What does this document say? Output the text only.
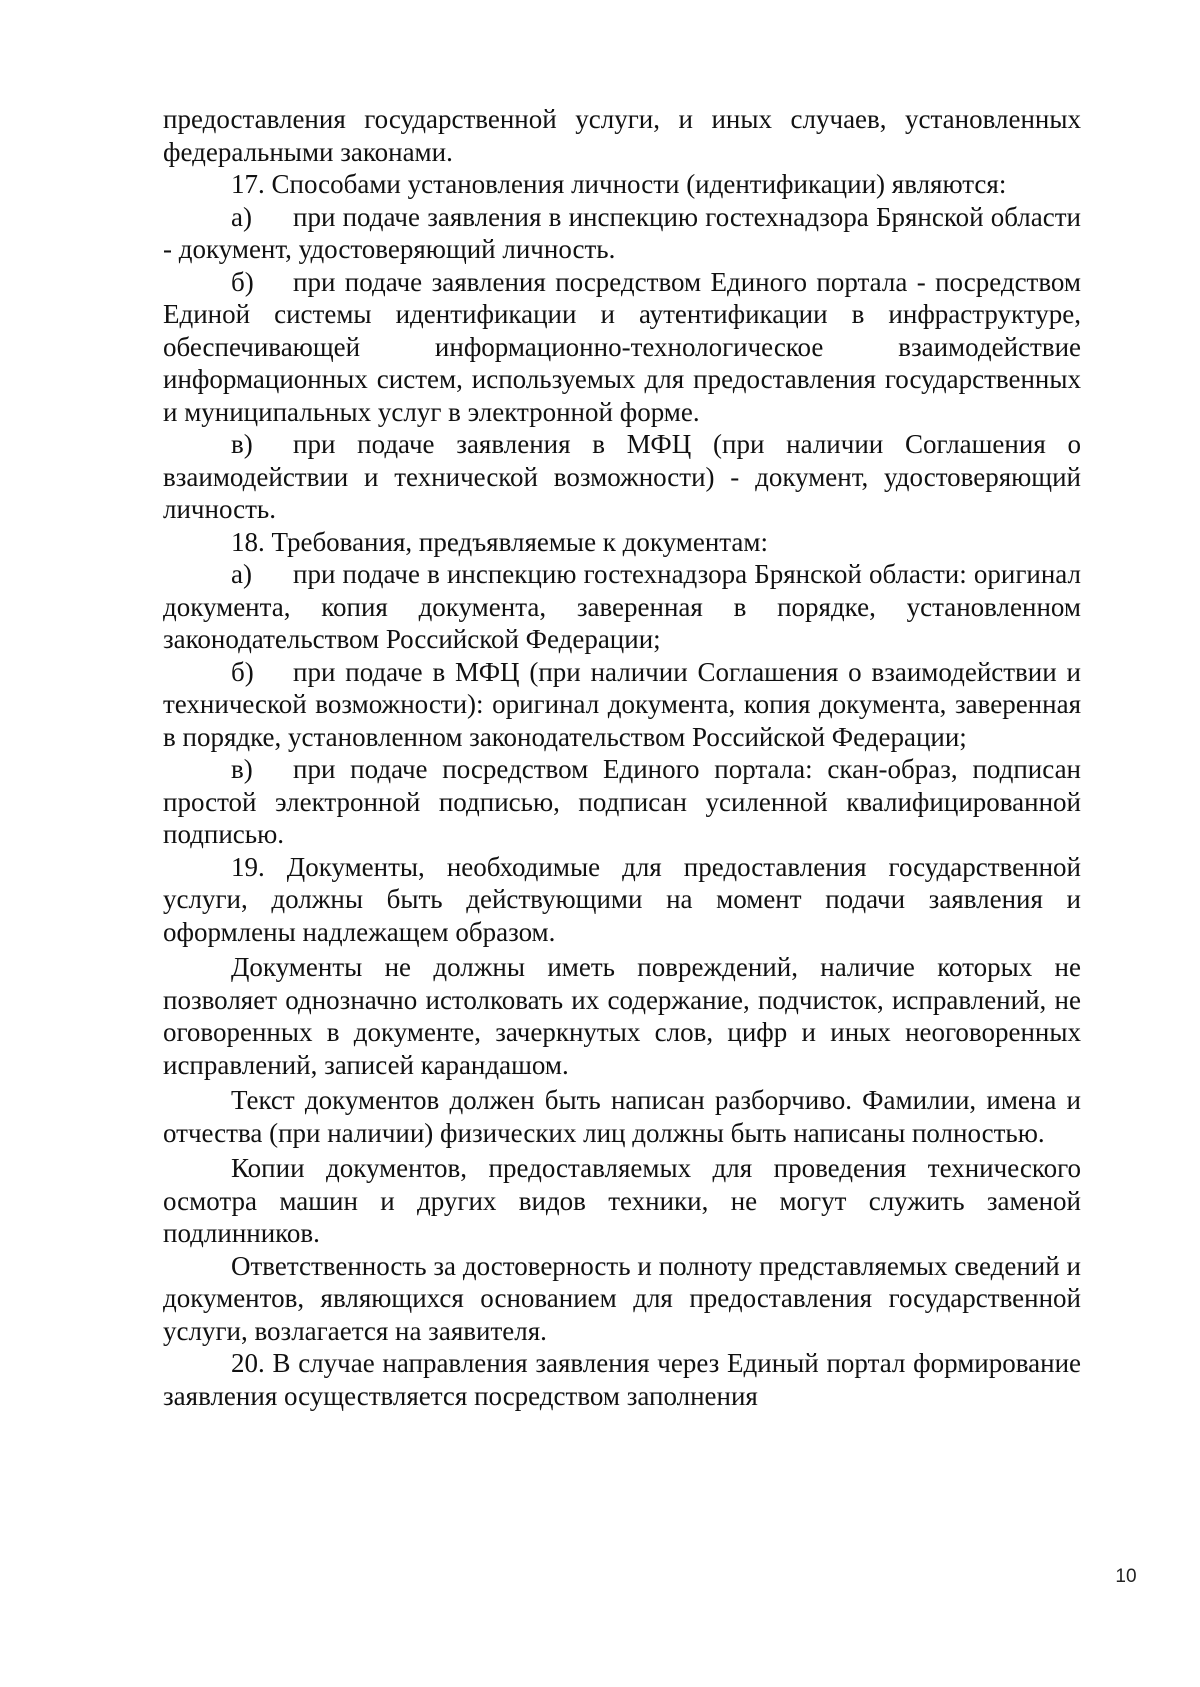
предоставления государственной услуги, и иных случаев, установленных федеральными законами.

17. Способами установления личности (идентификации) являются:

а) при подаче заявления в инспекцию гостехнадзора Брянской области - документ, удостоверяющий личность.

б) при подаче заявления посредством Единого портала - посредством Единой системы идентификации и аутентификации в инфраструктуре, обеспечивающей информационно-технологическое взаимодействие информационных систем, используемых для предоставления государственных и муниципальных услуг в электронной форме.

в) при подаче заявления в МФЦ (при наличии Соглашения о взаимодействии и технической возможности) - документ, удостоверяющий личность.

18. Требования, предъявляемые к документам:

а) при подаче в инспекцию гостехнадзора Брянской области: оригинал документа, копия документа, заверенная в порядке, установленном законодательством Российской Федерации;

б) при подаче в МФЦ (при наличии Соглашения о взаимодействии и технической возможности): оригинал документа, копия документа, заверенная в порядке, установленном законодательством Российской Федерации;

в) при подаче посредством Единого портала: скан-образ, подписан простой электронной подписью, подписан усиленной квалифицированной подписью.

19. Документы, необходимые для предоставления государственной услуги, должны быть действующими на момент подачи заявления и оформлены надлежащем образом.

Документы не должны иметь повреждений, наличие которых не позволяет однозначно истолковать их содержание, подчисток, исправлений, не оговоренных в документе, зачеркнутых слов, цифр и иных неоговоренных исправлений, записей карандашом.

Текст документов должен быть написан разборчиво. Фамилии, имена и отчества (при наличии) физических лиц должны быть написаны полностью.

Копии документов, предоставляемых для проведения технического осмотра машин и других видов техники, не могут служить заменой подлинников.

Ответственность за достоверность и полноту представляемых сведений и документов, являющихся основанием для предоставления государственной услуги, возлагается на заявителя.

20. В случае направления заявления через Единый портал формирование заявления осуществляется посредством заполнения

10
